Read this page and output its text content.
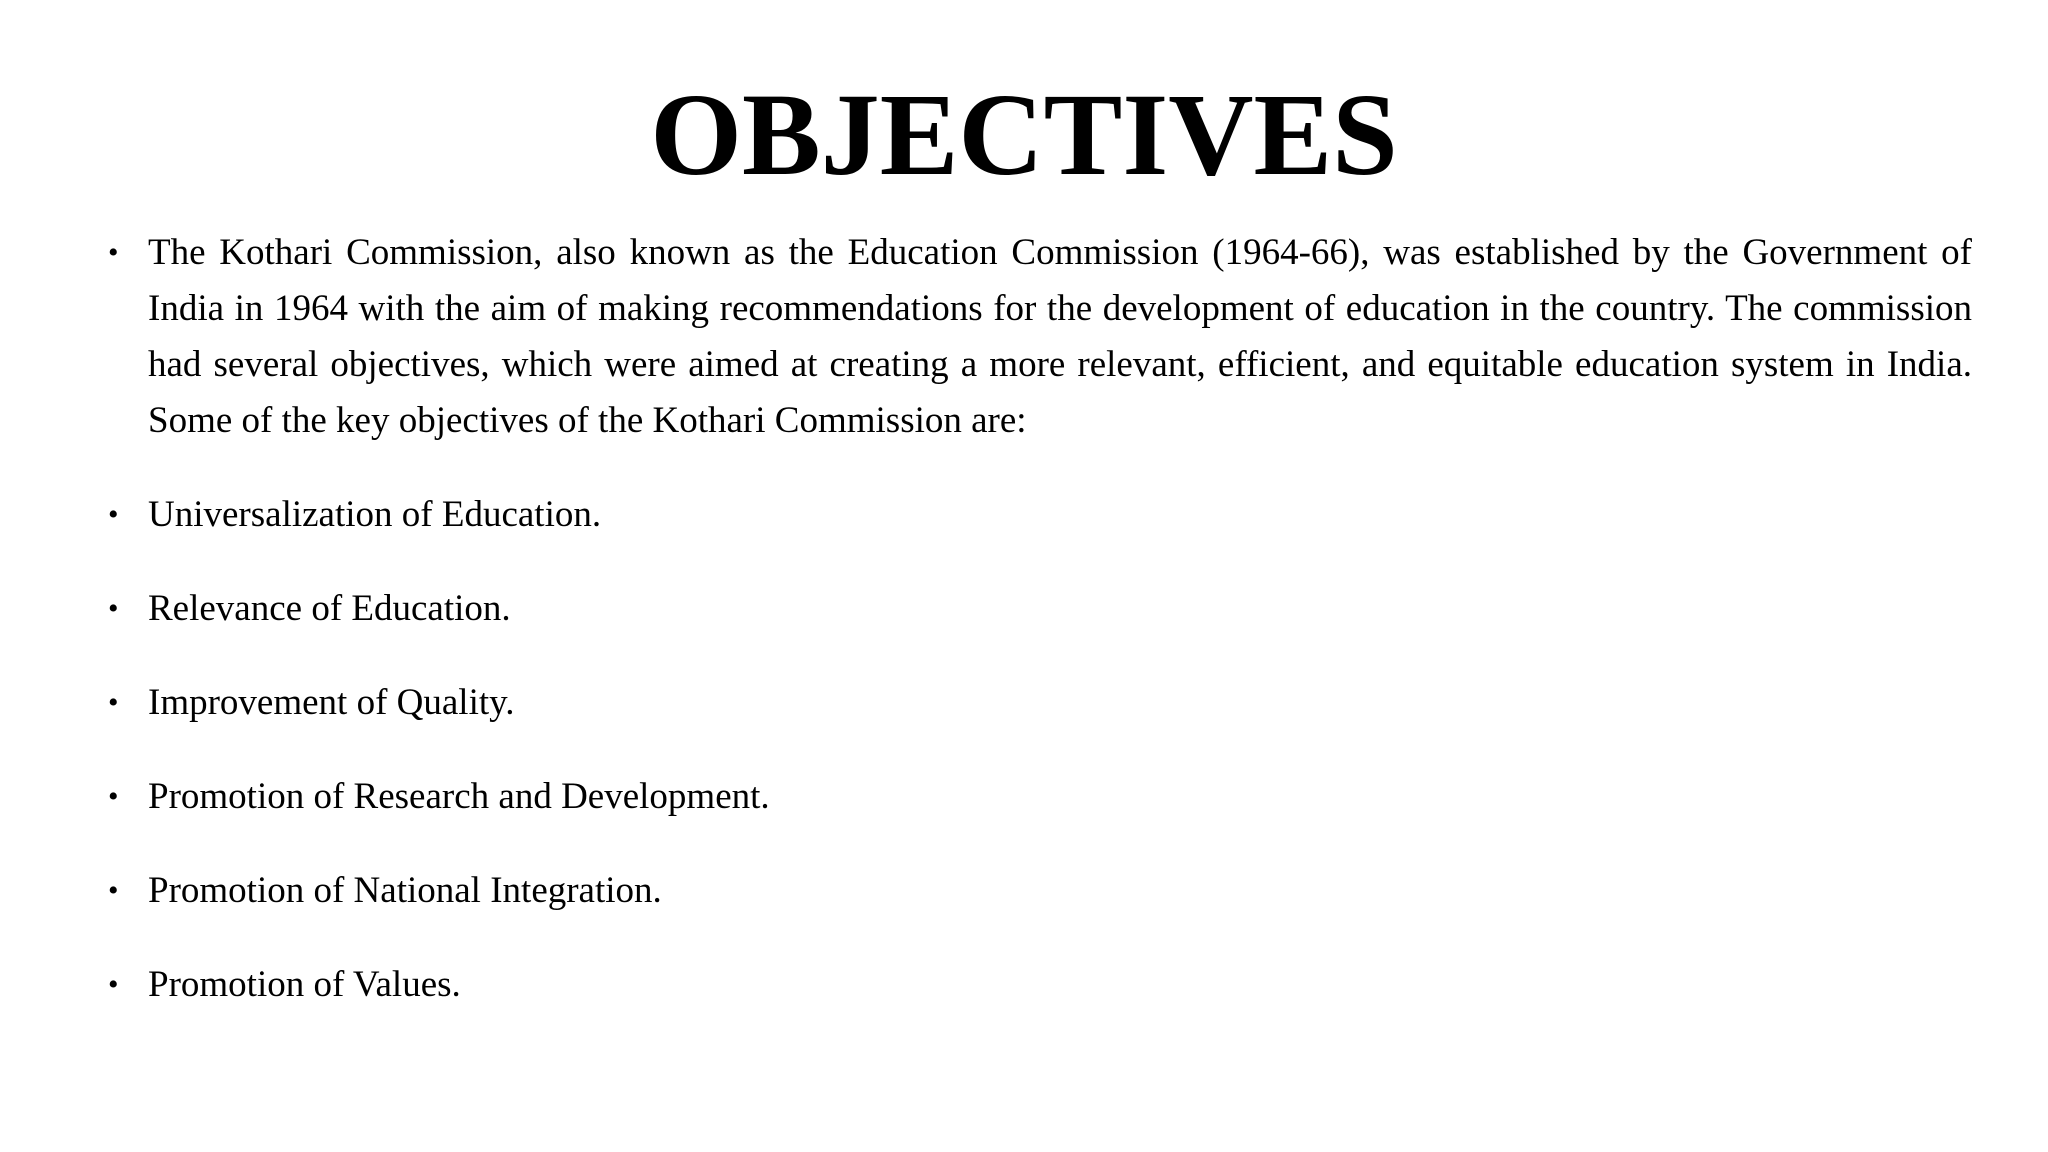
OBJECTIVES
• The Kothari Commission, also known as the Education Commission (1964-66), was established by the Government of India in 1964 with the aim of making recommendations for the development of education in the country. The commission had several objectives, which were aimed at creating a more relevant, efficient, and equitable education system in India. Some of the key objectives of the Kothari Commission are:
• Universalization of Education.
• Relevance of Education.
• Improvement of Quality.
• Promotion of Research and Development.
• Promotion of National Integration.
• Promotion of Values.
